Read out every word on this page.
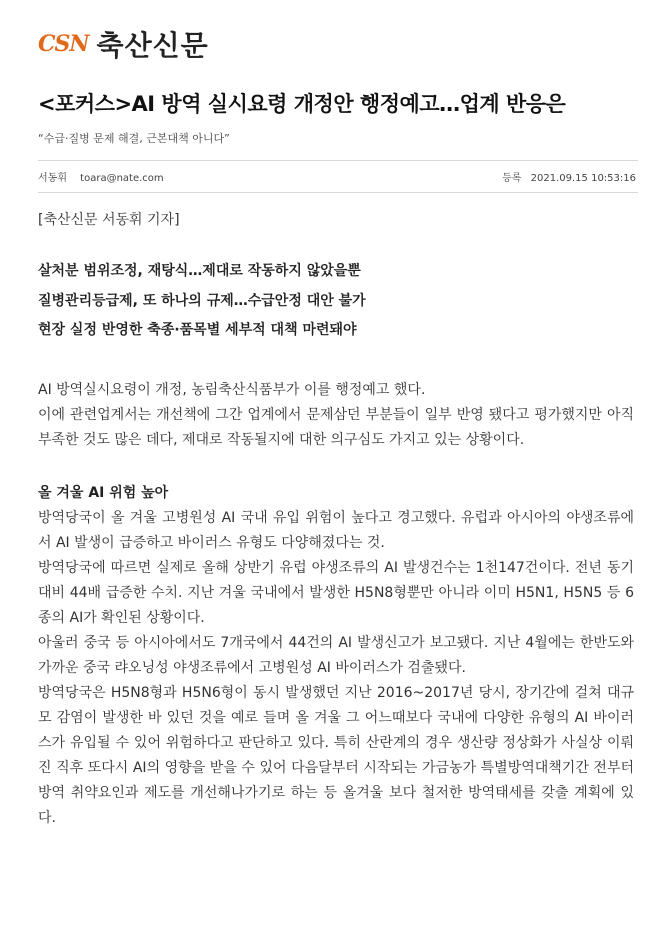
CSN 축산신문
<포커스>AI 방역 실시요령 개정안 행정예고…업계 반응은
“수급·질병 문제 해결, 근본대책 아니다”
서동휘 toara@nate.com	등록 2021.09.15 10:53:16

[축산신문 서동휘 기자]

살처분 범위조정, 재탕식…제대로 작동하지 않았을뿐
질병관리등급제, 또 하나의 규제…수급안정 대안 불가
현장 실정 반영한 축종·품목별 세부적 대책 마련돼야

AI 방역실시요령이 개정, 농림축산식품부가 이를 행정예고 했다.

이에 관련업계서는 개선책에 그간 업계에서 문제삼던 부분들이 일부 반영 됐다고 평가했지만 아직 부족한 것도 많은 데다, 제대로 작동될지에 대한 의구심도 가지고 있는 상황이다.

올 겨울 AI 위험 높아

방역당국이 올 겨울 고병원성 AI 국내 유입 위험이 높다고 경고했다. 유럽과 아시아의 야생조류에서 AI 발생이 급증하고 바이러스 유형도 다양해졌다는 것.

방역당국에 따르면 실제로 올해 상반기 유럽 야생조류의 AI 발생건수는 1천147건이다. 전년 동기대비 44배 급증한 수치. 지난 겨울 국내에서 발생한 H5N8형뿐만 아니라 이미 H5N1, H5N5 등 6종의 AI가 확인된 상황이다.

아울러 중국 등 아시아에서도 7개국에서 44건의 AI 발생신고가 보고됐다. 지난 4월에는 한반도와 가까운 중국 랴오닝성 야생조류에서 고병원성 AI 바이러스가 검출됐다.

방역당국은 H5N8형과 H5N6형이 동시 발생했던 지난 2016~2017년 당시, 장기간에 걸쳐 대규모 감염이 발생한 바 있던 것을 예로 들며 올 겨울 그 어느때보다 국내에 다양한 유형의 AI 바이러스가 유입될 수 있어 위험하다고 판단하고 있다. 특히 산란계의 경우 생산량 정상화가 사실상 이뤄진 직후 또다시 AI의 영향을 받을 수 있어 다음달부터 시작되는 가금농가 특별방역대책기간 전부터 방역 취약요인과 제도를 개선해나가기로 하는 등 올겨울 보다 철저한 방역태세를 갖출 계획에 있다.
